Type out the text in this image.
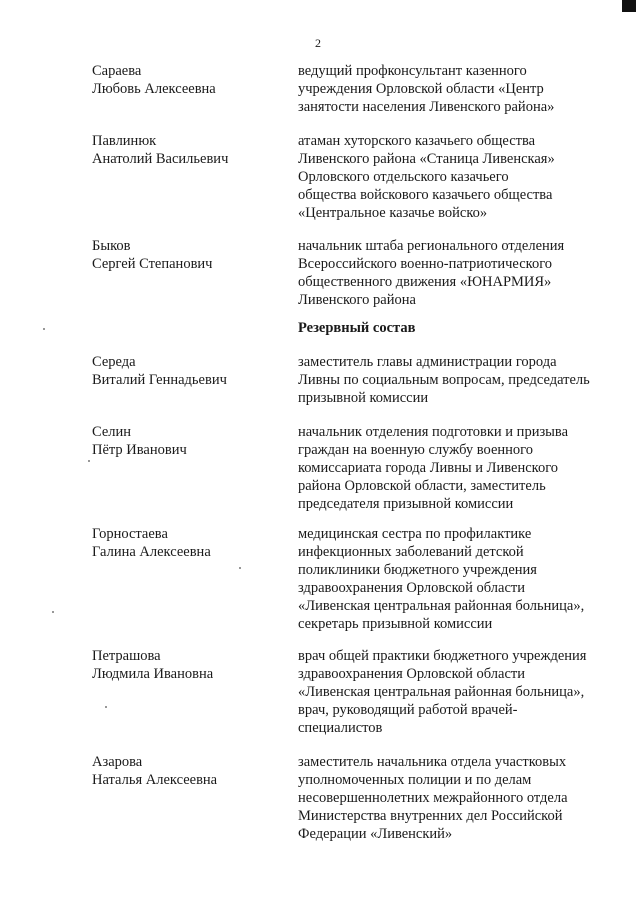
2
Сараева
Любовь Алексеевна
ведущий профконсультант казенного
учреждения Орловской области «Центр
занятости населения Ливенского района»
Павлинюк
Анатолий Васильевич
атаман хуторского казачьего общества
Ливенского района «Станица Ливенская»
Орловского отдельского казачьего
общества войскового казачьего общества
«Центральное казачье войско»
Быков
Сергей Степанович
начальник штаба регионального отделения
Всероссийского военно-патриотического
общественного движения «ЮНАРМИЯ»
Ливенского района
Резервный состав
Середа
Виталий Геннадьевич
заместитель главы администрации города
Ливны по социальным вопросам, председатель
призывной комиссии
Селин
Пётр Иванович
начальник отделения подготовки и призыва
граждан на военную службу военного
комиссариата города Ливны и Ливенского
района Орловской области, заместитель
председателя призывной комиссии
Горностаева
Галина Алексеевна
медицинская сестра по профилактике
инфекционных заболеваний детской
поликлиники бюджетного учреждения
здравоохранения Орловской области
«Ливенская центральная районная больница»,
секретарь призывной комиссии
Петрашова
Людмила Ивановна
врач общей практики бюджетного учреждения
здравоохранения Орловской области
«Ливенская центральная районная больница»,
врач, руководящий работой врачей-
специалистов
Азарова
Наталья Алексеевна
заместитель начальника отдела участковых
уполномоченных полиции и по делам
несовершеннолетних межрайонного отдела
Министерства внутренних дел Российской
Федерации «Ливенский»
